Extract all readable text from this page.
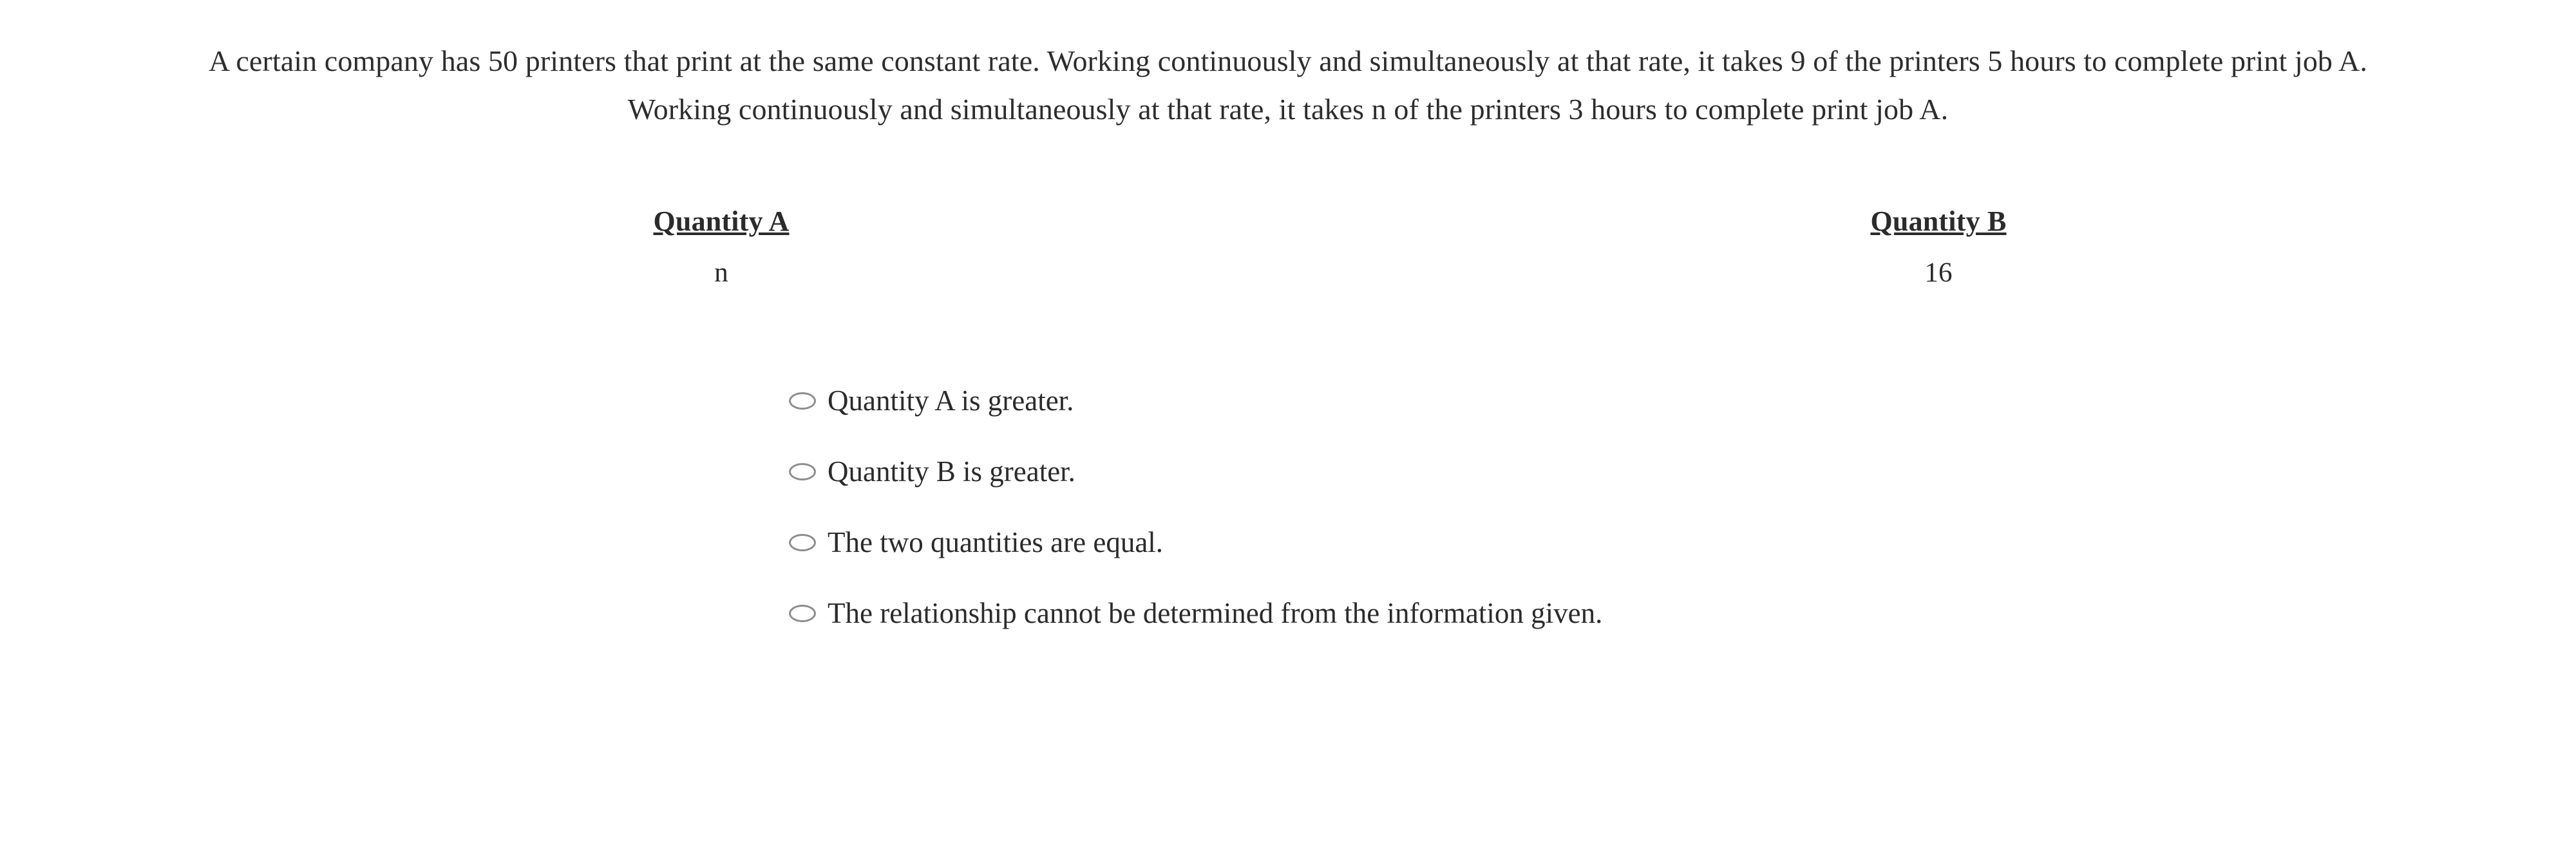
A certain company has 50 printers that print at the same constant rate. Working continuously and simultaneously at that rate, it takes 9 of the printers 5 hours to complete print job A. Working continuously and simultaneously at that rate, it takes n of the printers 3 hours to complete print job A.

Quantity A
n
Quantity B
16
Quantity A is greater.
Quantity B is greater.
The two quantities are equal.
The relationship cannot be determined from the information given.
